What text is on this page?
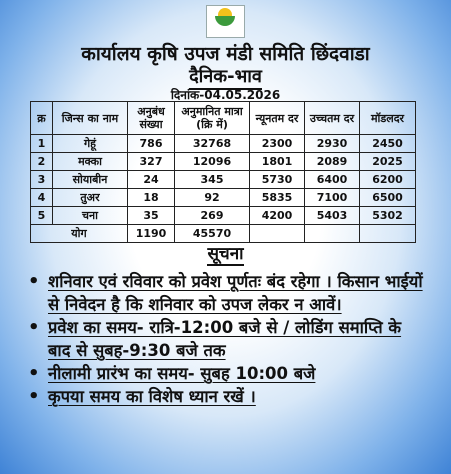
कार्यालय कृषि उपज मंडी समिति छिंदवाडा
दैनिक-भाव
दिनांक-04.05.2026
क्र	जिन्स का नाम	अनुबंध संख्या	अनुमानित मात्रा (क्रि में)	न्यूनतम दर	उच्चतम दर	मॉडलदर
1	गेहूं	786	32768	2300	2930	2450
2	मक्का	327	12096	1801	2089	2025
3	सोयाबीन	24	345	5730	6400	6200
4	तुअर	18	92	5835	7100	6500
5	चना	35	269	4200	5403	5302
योग		1190	45570			
सूचना
• शनिवार एवं रविवार को प्रवेश पूर्णतः बंद रहेगा । किसान भाईयों से निवेदन है कि शनिवार को उपज लेकर न आवें।
• प्रवेश का समय- रात्रि-12:00 बजे से / लोडिंग समाप्ति के बाद से सुबह-9:30 बजे तक
• नीलामी प्रारंभ का समय- सुबह 10:00 बजे
• कृपया समय का विशेष ध्यान रखें ।
